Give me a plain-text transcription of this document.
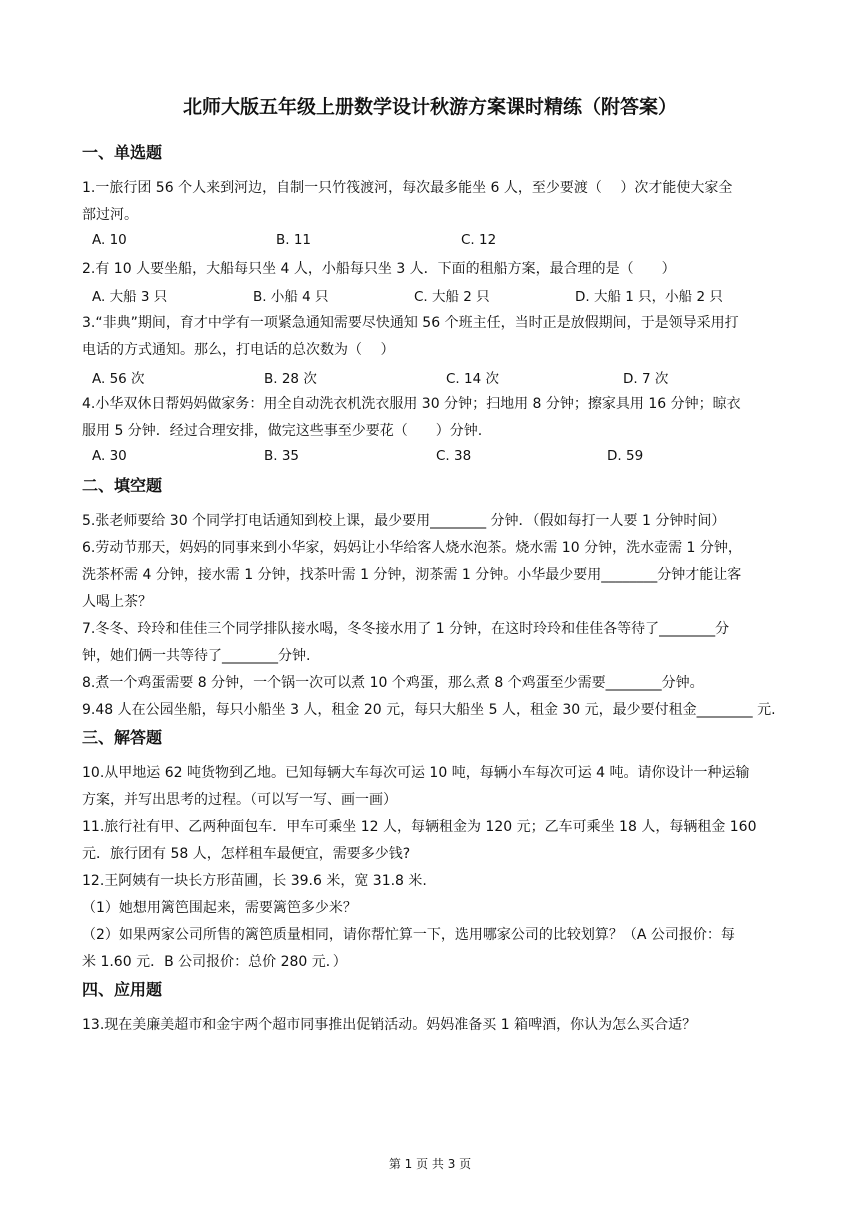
北师大版五年级上册数学设计秋游方案课时精练（附答案）
一、单选题
1.一旅行团 56 个人来到河边，自制一只竹筏渡河，每次最多能坐 6 人，至少要渡（　 ）次才能使大家全
部过河。
A. 10	B. 11	C. 12
2.有 10 人要坐船，大船每只坐 4 人，小船每只坐 3 人．下面的租船方案，最合理的是（　　）
A. 大船 3 只	B. 小船 4 只	C. 大船 2 只	D. 大船 1 只，小船 2 只
3.“非典”期间，育才中学有一项紧急通知需要尽快通知 56 个班主任，当时正是放假期间，于是领导采用打
电话的方式通知。那么，打电话的总次数为（　 ）
A. 56 次	B. 28 次	C. 14 次	D. 7 次
4.小华双休日帮妈妈做家务：用全自动洗衣机洗衣服用 30 分钟；扫地用 8 分钟；擦家具用 16 分钟；晾衣
服用 5 分钟．经过合理安排，做完这些事至少要花（　　）分钟.
A. 30	B. 35	C. 38	D. 59
二、填空题
5.张老师要给 30 个同学打电话通知到校上课，最少要用________ 分钟．（假如每打一人要 1 分钟时间）
6.劳动节那天，妈妈的同事来到小华家，妈妈让小华给客人烧水泡茶。烧水需 10 分钟，洗水壶需 1 分钟，
洗茶杯需 4 分钟，接水需 1 分钟，找茶叶需 1 分钟，沏茶需 1 分钟。小华最少要用________分钟才能让客
人喝上茶？
7.冬冬、玲玲和佳佳三个同学排队接水喝，冬冬接水用了 1 分钟，在这时玲玲和佳佳各等待了________分
钟，她们俩一共等待了________分钟.
8.煮一个鸡蛋需要 8 分钟，一个锅一次可以煮 10 个鸡蛋，那么煮 8 个鸡蛋至少需要________分钟。
9.48 人在公园坐船，每只小船坐 3 人，租金 20 元，每只大船坐 5 人，租金 30 元，最少要付租金________ 元.
三、解答题
10.从甲地运 62 吨货物到乙地。已知每辆大车每次可运 10 吨，每辆小车每次可运 4 吨。请你设计一种运输
方案，并写出思考的过程。（可以写一写、画一画）
11.旅行社有甲、乙两种面包车．甲车可乘坐 12 人，每辆租金为 120 元；乙车可乘坐 18 人，每辆租金 160
元．旅行团有 58 人，怎样租车最便宜，需要多少钱?
12.王阿姨有一块长方形苗圃，长 39.6 米，宽 31.8 米.
（1）她想用篱笆围起来，需要篱笆多少米？
（2）如果两家公司所售的篱笆质量相同，请你帮忙算一下，选用哪家公司的比较划算？（A 公司报价：每
米 1.60 元．B 公司报价：总价 280 元．）
四、应用题
13.现在美廉美超市和金宇两个超市同事推出促销活动。妈妈准备买 1 箱啤酒，你认为怎么买合适？
第 1 页 共 3 页
